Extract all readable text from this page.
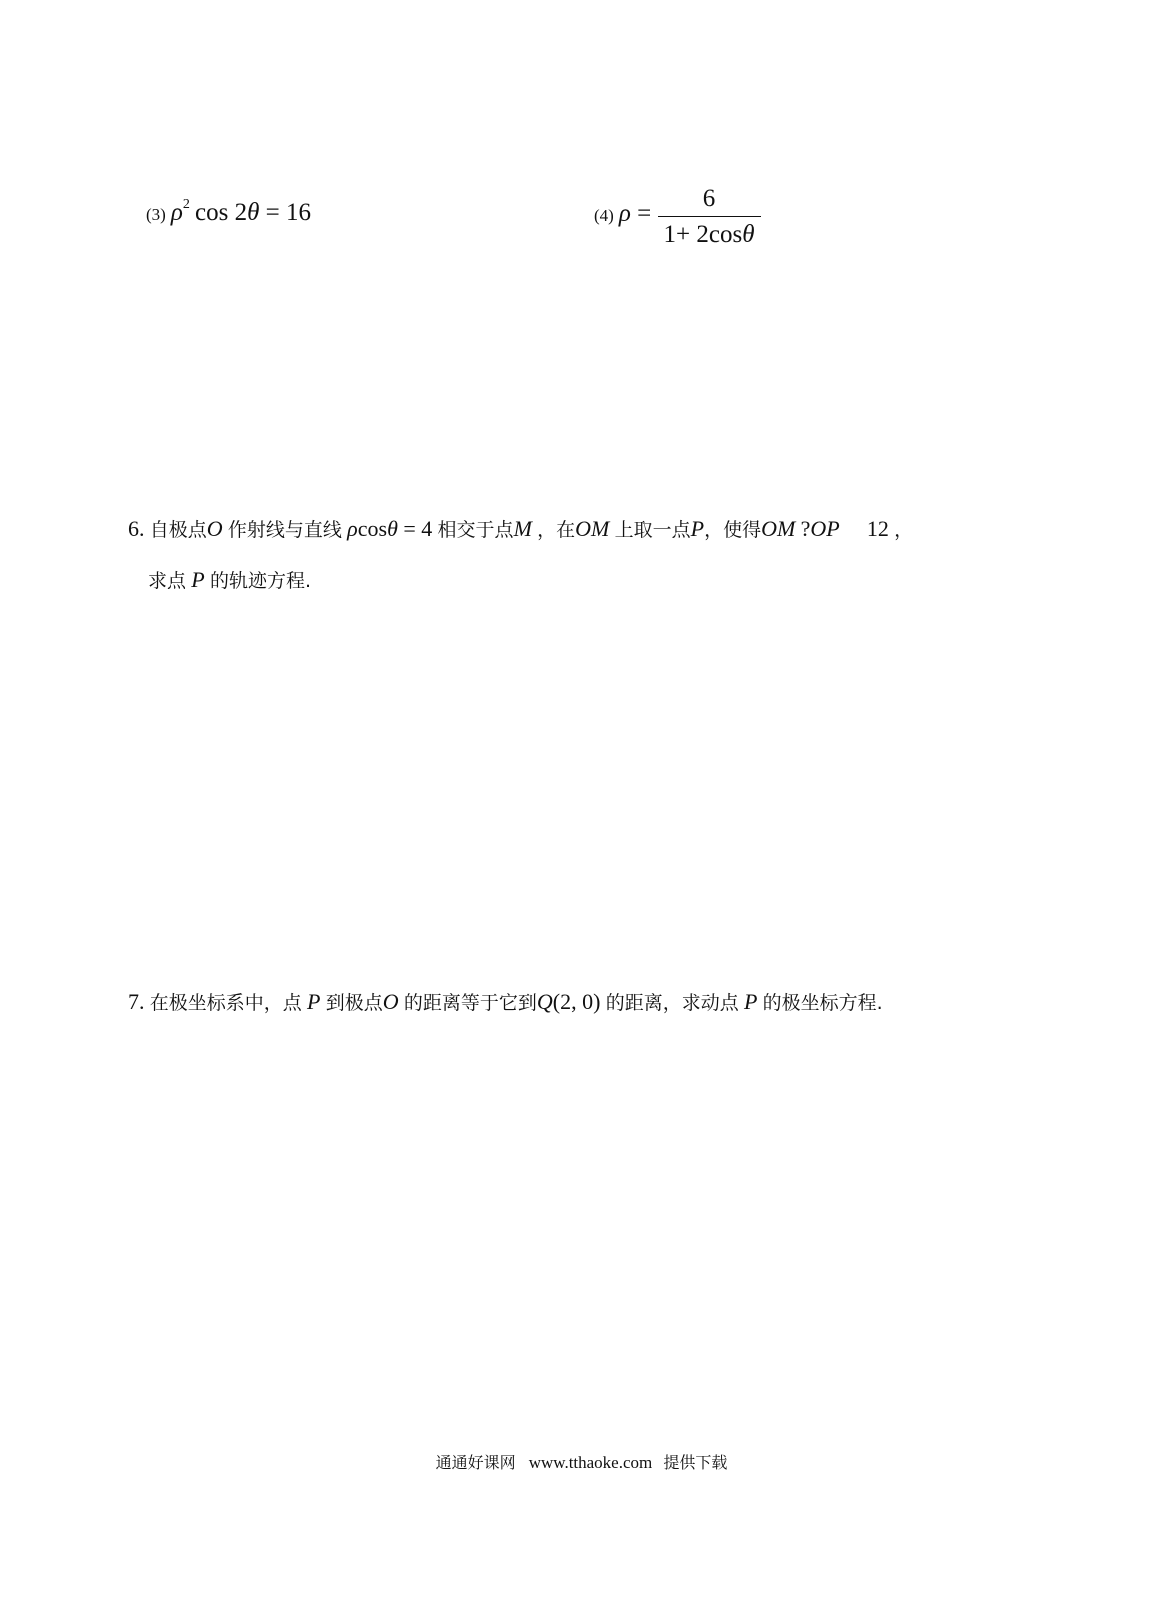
(3) ρ2 cos 2θ = 16	(4) $\rho = \frac{6}{1+ 2\cos\theta}$
6. 自极点O 作射线与直线 ρcosθ = 4 相交于点M ，在OM 上取一点P，使得OM ?OP 12 ，
求点 P 的轨迹方程.
7. 在极坐标系中，点 P 到极点O 的距离等于它到Q(2, 0) 的距离，求动点 P 的极坐标方程.
通通好课网 www.tthaoke.com 提供下载
